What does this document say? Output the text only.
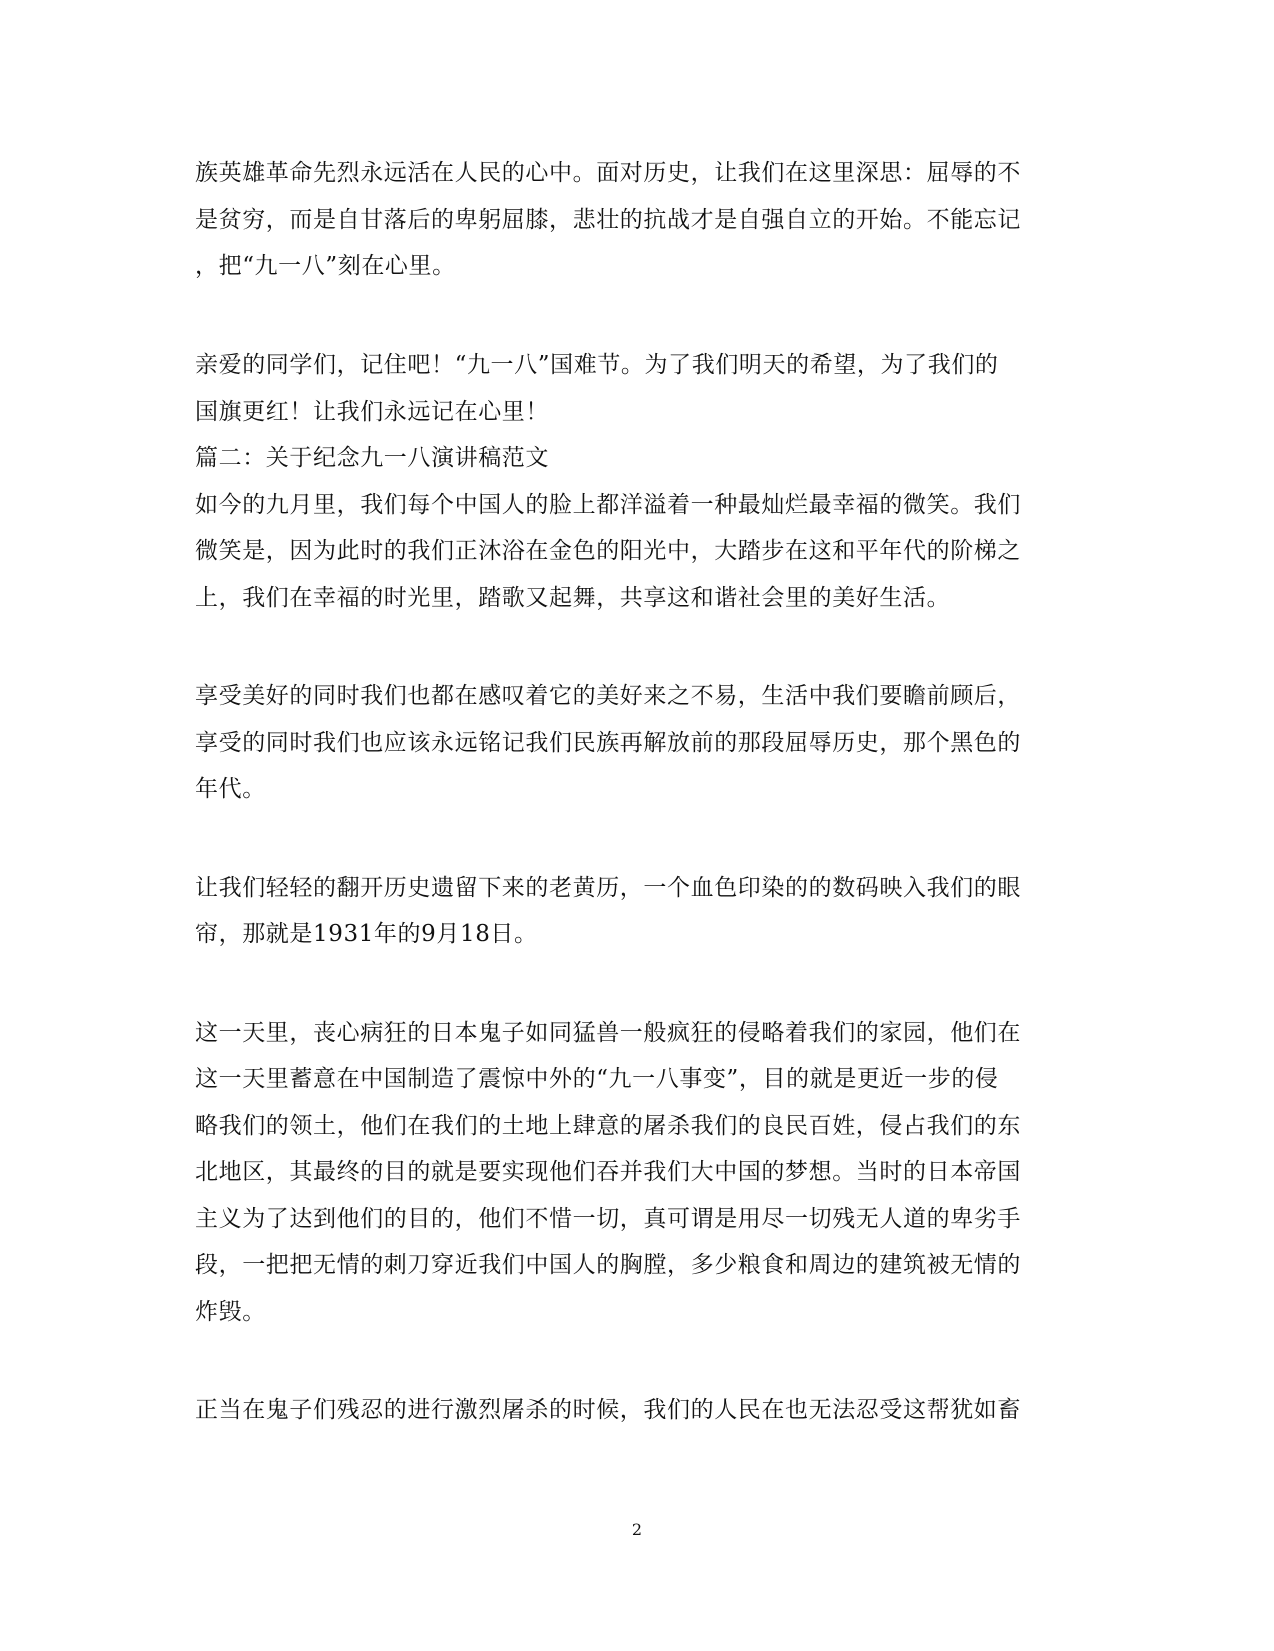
族英雄革命先烈永远活在人民的心中。面对历史，让我们在这里深思：屈辱的不
是贫穷，而是自甘落后的卑躬屈膝，悲壮的抗战才是自强自立的开始。不能忘记
，把“九一八”刻在心里。
亲爱的同学们，记住吧！“九一八”国难节。为了我们明天的希望，为了我们的
国旗更红！让我们永远记在心里！
篇二：关于纪念九一八演讲稿范文
如今的九月里，我们每个中国人的脸上都洋溢着一种最灿烂最幸福的微笑。我们
微笑是，因为此时的我们正沐浴在金色的阳光中，大踏步在这和平年代的阶梯之
上，我们在幸福的时光里，踏歌又起舞，共享这和谐社会里的美好生活。
享受美好的同时我们也都在感叹着它的美好来之不易，生活中我们要瞻前顾后，
享受的同时我们也应该永远铭记我们民族再解放前的那段屈辱历史，那个黑色的
年代。
让我们轻轻的翻开历史遗留下来的老黄历，一个血色印染的的数码映入我们的眼
帘，那就是1931年的9月18日。
这一天里，丧心病狂的日本鬼子如同猛兽一般疯狂的侵略着我们的家园，他们在
这一天里蓄意在中国制造了震惊中外的“九一八事变”，目的就是更近一步的侵
略我们的领土，他们在我们的土地上肆意的屠杀我们的良民百姓，侵占我们的东
北地区，其最终的目的就是要实现他们吞并我们大中国的梦想。当时的日本帝国
主义为了达到他们的目的，他们不惜一切，真可谓是用尽一切残无人道的卑劣手
段，一把把无情的刺刀穿近我们中国人的胸膛，多少粮食和周边的建筑被无情的
炸毁。
正当在鬼子们残忍的进行激烈屠杀的时候，我们的人民在也无法忍受这帮犹如畜
2
